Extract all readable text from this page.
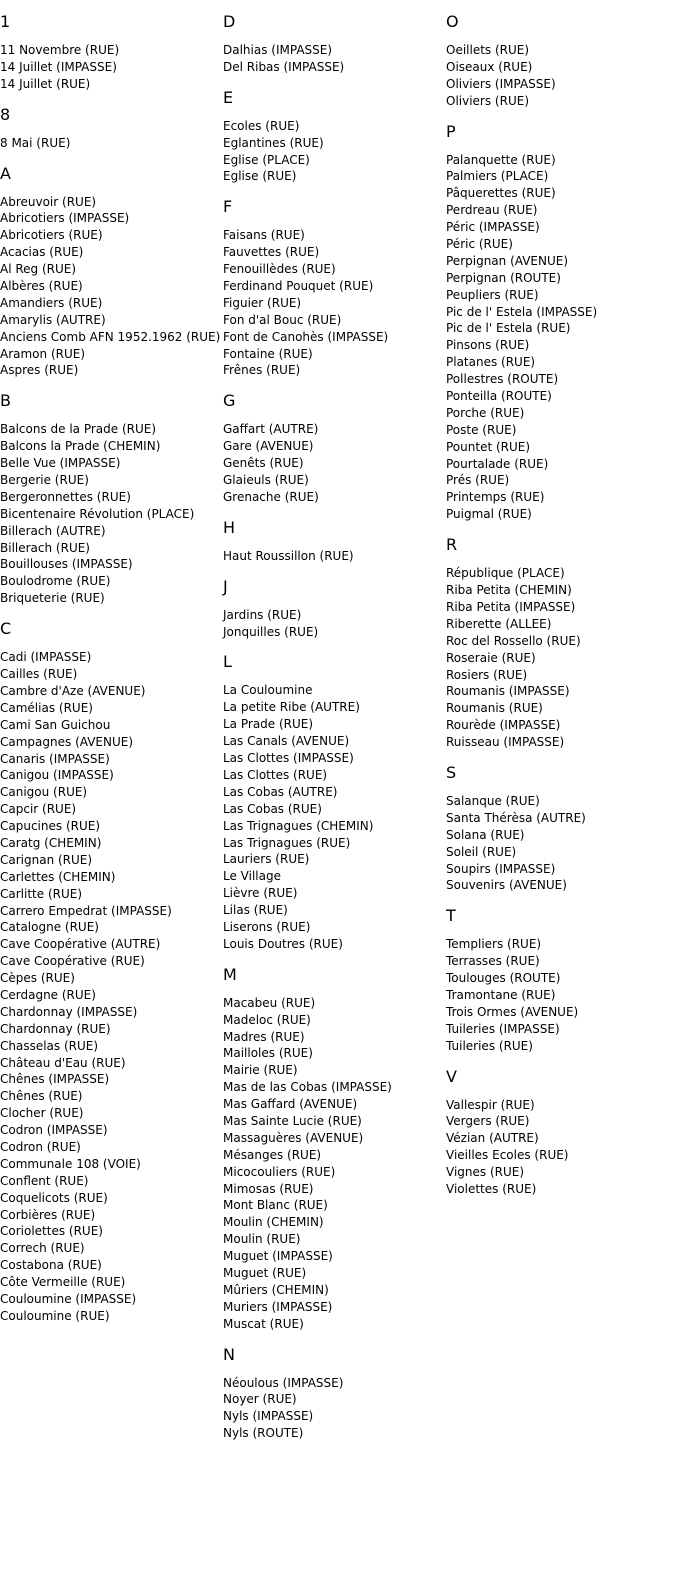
1
11 Novembre (RUE)
14 Juillet (IMPASSE)
14 Juillet (RUE)
8
8 Mai (RUE)
A
Abreuvoir (RUE)
Abricotiers (IMPASSE)
Abricotiers (RUE)
Acacias (RUE)
Al Reg (RUE)
Albères (RUE)
Amandiers (RUE)
Amarylis (AUTRE)
Anciens Comb AFN 1952.1962 (RUE)
Aramon (RUE)
Aspres (RUE)
B
Balcons de la Prade (RUE)
Balcons la Prade (CHEMIN)
Belle Vue (IMPASSE)
Bergerie (RUE)
Bergeronnettes (RUE)
Bicentenaire Révolution (PLACE)
Billerach (AUTRE)
Billerach (RUE)
Bouillouses (IMPASSE)
Boulodrome (RUE)
Briqueterie (RUE)
C
Cadi (IMPASSE)
Cailles (RUE)
Cambre d'Aze (AVENUE)
Camélias (RUE)
Cami San Guichou
Campagnes (AVENUE)
Canaris (IMPASSE)
Canigou (IMPASSE)
Canigou (RUE)
Capcir (RUE)
Capucines (RUE)
Caratg (CHEMIN)
Carignan (RUE)
Carlettes (CHEMIN)
Carlitte (RUE)
Carrero Empedrat (IMPASSE)
Catalogne (RUE)
Cave Coopérative (AUTRE)
Cave Coopérative (RUE)
Cèpes (RUE)
Cerdagne (RUE)
Chardonnay (IMPASSE)
Chardonnay (RUE)
Chasselas (RUE)
Château d'Eau (RUE)
Chênes (IMPASSE)
Chênes (RUE)
Clocher (RUE)
Codron (IMPASSE)
Codron (RUE)
Communale 108 (VOIE)
Conflent (RUE)
Coquelicots (RUE)
Corbières (RUE)
Coriolettes (RUE)
Correch (RUE)
Costabona (RUE)
Côte Vermeille (RUE)
Couloumine (IMPASSE)
Couloumine (RUE)
D
Dalhias (IMPASSE)
Del Ribas (IMPASSE)
E
Ecoles (RUE)
Eglantines (RUE)
Eglise (PLACE)
Eglise (RUE)
F
Faisans (RUE)
Fauvettes (RUE)
Fenouillèdes (RUE)
Ferdinand Pouquet (RUE)
Figuier (RUE)
Fon d'al Bouc (RUE)
Font de Canohès (IMPASSE)
Fontaine (RUE)
Frênes (RUE)
G
Gaffart (AUTRE)
Gare (AVENUE)
Genêts (RUE)
Glaieuls (RUE)
Grenache (RUE)
H
Haut Roussillon (RUE)
J
Jardins (RUE)
Jonquilles (RUE)
L
La Couloumine
La petite Ribe (AUTRE)
La Prade (RUE)
Las Canals (AVENUE)
Las Clottes (IMPASSE)
Las Clottes (RUE)
Las Cobas (AUTRE)
Las Cobas (RUE)
Las Trignagues (CHEMIN)
Las Trignagues (RUE)
Lauriers (RUE)
Le Village
Lièvre (RUE)
Lilas (RUE)
Liserons (RUE)
Louis Doutres (RUE)
M
Macabeu (RUE)
Madeloc (RUE)
Madres (RUE)
Mailloles (RUE)
Mairie (RUE)
Mas de las Cobas (IMPASSE)
Mas Gaffard (AVENUE)
Mas Sainte Lucie (RUE)
Massaguères (AVENUE)
Mésanges (RUE)
Micocouliers (RUE)
Mimosas (RUE)
Mont Blanc (RUE)
Moulin (CHEMIN)
Moulin (RUE)
Muguet (IMPASSE)
Muguet (RUE)
Mûriers (CHEMIN)
Muriers (IMPASSE)
Muscat (RUE)
N
Néoulous (IMPASSE)
Noyer (RUE)
Nyls (IMPASSE)
Nyls (ROUTE)
O
Oeillets (RUE)
Oiseaux (RUE)
Oliviers (IMPASSE)
Oliviers (RUE)
P
Palanquette (RUE)
Palmiers (PLACE)
Pâquerettes (RUE)
Perdreau (RUE)
Péric (IMPASSE)
Péric (RUE)
Perpignan (AVENUE)
Perpignan (ROUTE)
Peupliers (RUE)
Pic de l' Estela (IMPASSE)
Pic de l' Estela (RUE)
Pinsons (RUE)
Platanes (RUE)
Pollestres (ROUTE)
Ponteilla (ROUTE)
Porche (RUE)
Poste (RUE)
Pountet (RUE)
Pourtalade (RUE)
Prés (RUE)
Printemps (RUE)
Puigmal (RUE)
R
République (PLACE)
Riba Petita (CHEMIN)
Riba Petita (IMPASSE)
Riberette (ALLEE)
Roc del Rossello (RUE)
Roseraie (RUE)
Rosiers (RUE)
Roumanis (IMPASSE)
Roumanis (RUE)
Rourède (IMPASSE)
Ruisseau (IMPASSE)
S
Salanque (RUE)
Santa Thérèsa (AUTRE)
Solana (RUE)
Soleil (RUE)
Soupirs (IMPASSE)
Souvenirs (AVENUE)
T
Templiers (RUE)
Terrasses (RUE)
Toulouges (ROUTE)
Tramontane (RUE)
Trois Ormes (AVENUE)
Tuileries (IMPASSE)
Tuileries (RUE)
V
Vallespir (RUE)
Vergers (RUE)
Vézian (AUTRE)
Vieilles Ecoles (RUE)
Vignes (RUE)
Violettes (RUE)
